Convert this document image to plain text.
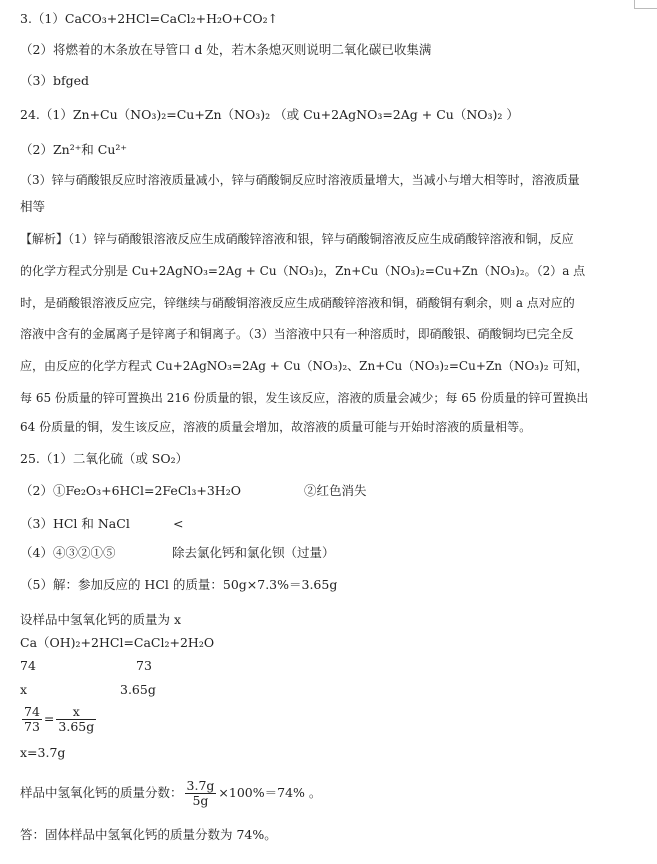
3.（1）CaCO₃+2HCl=CaCl₂+H₂O+CO₂↑
（2）将燃着的木条放在导管口 d 处，若木条熄灭则说明二氧化碳已收集满
（3）bfged
24.（1）Zn+Cu（NO₃)₂=Cu+Zn（NO₃)₂ （或 Cu+2AgNO₃=2Ag + Cu（NO₃)₂ ）
（2）Zn²⁺和 Cu²⁺
（3）锌与硝酸银反应时溶液质量减小，锌与硝酸铜反应时溶液质量增大，当减小与增大相等时，溶液质量
相等
【解析】（1）锌与硝酸银溶液反应生成硝酸锌溶液和银，锌与硝酸铜溶液反应生成硝酸锌溶液和铜，反应
的化学方程式分别是 Cu+2AgNO₃=2Ag + Cu（NO₃)₂，Zn+Cu（NO₃)₂=Cu+Zn（NO₃)₂。（2）a 点
时，是硝酸银溶液反应完，锌继续与硝酸铜溶液反应生成硝酸锌溶液和铜，硝酸铜有剩余，则 a 点对应的
溶液中含有的金属离子是锌离子和铜离子。（3）当溶液中只有一种溶质时，即硝酸银、硝酸铜均已完全反
应，由反应的化学方程式 Cu+2AgNO₃=2Ag + Cu（NO₃)₂、Zn+Cu（NO₃)₂=Cu+Zn（NO₃)₂ 可知，
每 65 份质量的锌可置换出 216 份质量的银，发生该反应，溶液的质量会减少；每 65 份质量的锌可置换出
64 份质量的铜，发生该反应，溶液的质量会增加，故溶液的质量可能与开始时溶液的质量相等。
25.（1）二氧化硫（或 SO₂）
（2）①Fe₂O₃+6HCl=2FeCl₃+3H₂O	②红色消失
（3）HCl 和 NaCl	<
（4）④③②①⑤	除去氯化钙和氯化钡（过量）
（5）解：参加反应的 HCl 的质量：50g×7.3%＝3.65g
设样品中氢氧化钙的质量为 x
Ca（OH)₂+2HCl=CaCl₂+2H₂O
74	73
x	3.65g
$\frac{74}{73} = \frac{x}{3.65g}$
x=3.7g
样品中氢氧化钙的质量分数： $\frac{3.7g}{5g} \times 100\%=74\%$ 。
答：固体样品中氢氧化钙的质量分数为 74%。
